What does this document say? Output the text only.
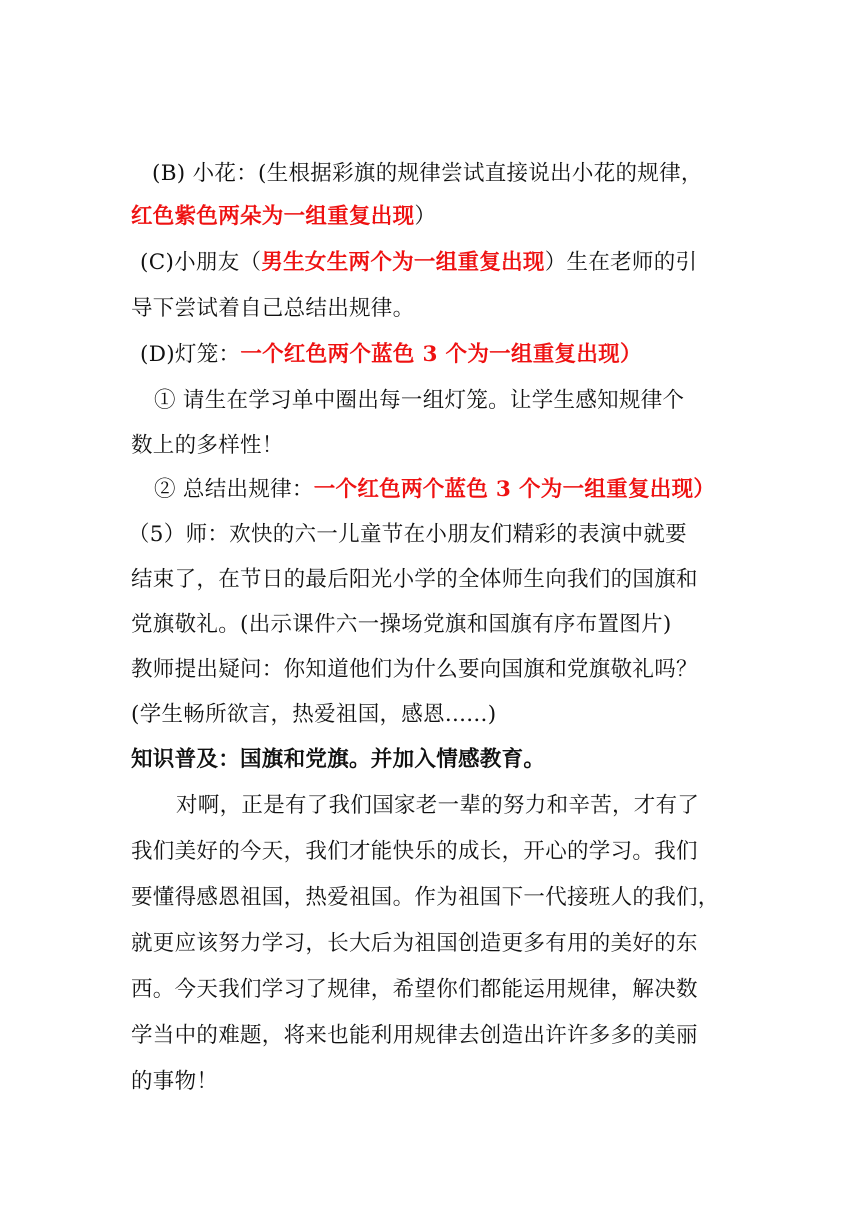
(B) 小花：(生根据彩旗的规律尝试直接说出小花的规律，
红色紫色两朵为一组重复出现）
(C)小朋友（男生女生两个为一组重复出现）生在老师的引
导下尝试着自己总结出规律。
(D)灯笼：一个红色两个蓝色 3 个为一组重复出现）
① 请生在学习单中圈出每一组灯笼。让学生感知规律个
数上的多样性！
② 总结出规律：一个红色两个蓝色 3 个为一组重复出现）
（5）师：欢快的六一儿童节在小朋友们精彩的表演中就要
结束了，在节日的最后阳光小学的全体师生向我们的国旗和
党旗敬礼。(出示课件六一操场党旗和国旗有序布置图片)
教师提出疑问：你知道他们为什么要向国旗和党旗敬礼吗？
(学生畅所欲言，热爱祖国，感恩......)
知识普及：国旗和党旗。并加入情感教育。
对啊，正是有了我们国家老一辈的努力和辛苦，才有了
我们美好的今天，我们才能快乐的成长，开心的学习。我们
要懂得感恩祖国，热爱祖国。作为祖国下一代接班人的我们，
就更应该努力学习，长大后为祖国创造更多有用的美好的东
西。今天我们学习了规律，希望你们都能运用规律，解决数
学当中的难题，将来也能利用规律去创造出许许多多的美丽
的事物！
